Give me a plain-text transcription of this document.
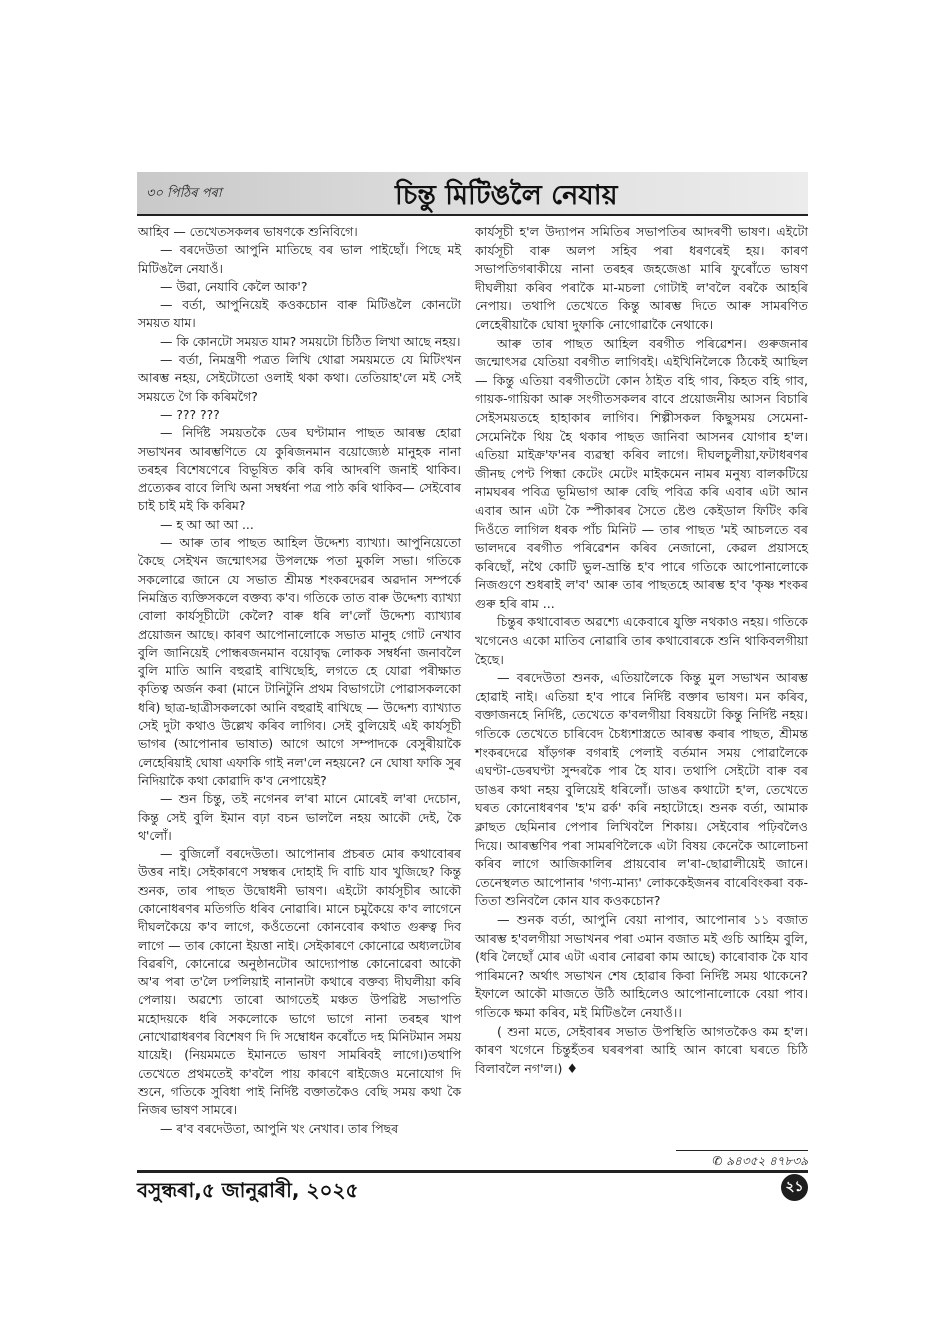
৩০ পিঠিৰ পৰা	চিন্তু মিটিঙলৈ নেযায়

আহিব — তেখেতসকলৰ ভাষণকে শুনিবিগে।

— বৰদেউতা আপুনি মাতিছে বৰ ভাল পাইছোঁ। পিছে মই মিটিঙলৈ নেযাওঁ।

— উৱা, নেযাবি কেলৈ আক'?

— বৰ্তা, আপুনিয়েই কওকচোন বাৰু মিটিঙলৈ কোনটো সময়ত যাম।

— কি কোনটো সময়ত যাম? সময়টো চিঠিত লিখা আছে নহয়।

— বৰ্তা, নিমন্ত্ৰণী পত্ৰত লিখি থোৱা সময়মতে যে মিটিংখন আৰম্ভ নহয়, সেইটোতো ওলাই থকা কথা। তেতিয়াহ'লে মই সেই সময়তে গৈ কি কৰিমগৈ?

— ??? ???

— নিৰ্দিষ্ট সময়তকৈ ডেৰ ঘণ্টামান পাছত আৰম্ভ হোৱা সভাখনৰ আৰম্ভণিতে যে কুৰিজনমান বয়োজ্যেষ্ঠ মানুহক নানা তৰহৰ বিশেষণেৰে বিভূষিত কৰি কৰি আদৰণি জনাই থাকিব। প্ৰত্যেকৰ বাবে লিখি অনা সম্বৰ্ধনা পত্ৰ পাঠ কৰি থাকিব— সেইবোৰ চাই চাই মই কি কৰিম?

— হ আ আ আ ...

— আৰু তাৰ পাছত আহিল উদ্দেশ্য ব্যাখ্যা। আপুনিয়েতো কৈছে সেইখন জন্মোৎসৱ উপলক্ষে পতা মুকলি সভা। গতিকে সকলোৱে জানে যে সভাত শ্ৰীমন্ত শংকৰদেৱৰ অৱদান সম্পৰ্কে নিমন্ত্ৰিত ব্যক্তিসকলে বক্তব্য ক'ব। গতিকে তাত বাৰু উদ্দেশ্য ব্যাখ্যা বোলা কাৰ্যসূচীটো কেলৈ? বাৰু ধৰি ল'লোঁ উদ্দেশ্য ব্যাখ্যাৰ প্ৰয়োজন আছে। কাৰণ আপোনালোকে সভাত মানুহ গোট নেখাব বুলি জানিয়েই পোন্ধৰজনমান বয়োবৃদ্ধ লোকক সম্বৰ্ধনা জনাবলৈ বুলি মাতি আনি বহুৱাই ৰাখিছেহি, লগতে হে যোৱা পৰীক্ষাত কৃতিত্ব অৰ্জন কৰা (মানে টানিটুনি প্ৰথম বিভাগটো পোৱাসকলকো ধৰি) ছাত্ৰ-ছাত্ৰীসকলকো আনি বহুৱাই ৰাখিছে — উদ্দেশ্য ব্যাখ্যাত সেই দুটা কথাও উল্লেখ কৰিব লাগিব। সেই বুলিয়েই এই কাৰ্যসূচী ভাগৰ (আপোনাৰ ভাষাত) আগে আগে সম্পাদকে বেসুৰীয়াকৈ লেহেৰিয়াই ঘোষা এফাকি গাই নল'লে নহয়নে? নে ঘোষা ফাকি সুৰ নিদিয়াকৈ কথা কোৱাদি ক'ব নেপায়েই?

— শুন চিন্তু, তই নগেনৰ ল'ৰা মানে মোৰেই ল'ৰা দেচোন, কিন্তু সেই বুলি ইমান বঢ়া বচন ভাললৈ নহয় আকৌ দেই, কৈ থ'লোঁ।

— বুজিলোঁ বৰদেউতা। আপোনাৰ প্ৰচৰত মোৰ কথাবোৰৰ উত্তৰ নাই। সেইকাৰণে সম্বন্ধৰ দোহাই দি বাচি যাব খুজিছে? কিন্তু শুনক, তাৰ পাছত উদ্বোধনী ভাষণ। এইটো কাৰ্যসূচীৰ আকৌ কোনোধৰণৰ মতিগতি ধৰিব নোৱাৰি। মানে চমুকৈয়ে ক'ব লাগেনে দীঘলকৈয়ে ক'ব লাগে, কওঁতেনো কোনবোৰ কথাত গুৰুত্ব দিব লাগে — তাৰ কোনো ইয়ত্তা নাই। সেইকাৰণে কোনোৱে অধ্যলটোৰ বিৱৰণি, কোনোৱে অনুষ্ঠানটোৰ আদ্যোপান্ত কোনোৱেবা আকৌ অ'ৰ পৰা ত'লৈ ঢপলিয়াই নানানটা কথাৰে বক্তব্য দীঘলীয়া কৰি পেলায়। অৱশ্যে তাৰো আগতেই মঞ্চত উপৱিষ্ট সভাপতি মহোদয়কে ধৰি সকলোকে ভাগে ভাগে নানা তৰহৰ খাপ নোখোৱাধৰণৰ বিশেষণ দি দি সম্বোধন কৰোঁতে দহ মিনিটমান সময় যায়েই। (নিয়মমতে ইমানতে ভাষণ সামৰিবই লাগে।)তথাপি তেখেতে প্ৰথমতেই ক'বলৈ পায় কাৰণে ৰাইজেও মনোযোগ দি শুনে, গতিকে সুবিধা পাই নিৰ্দিষ্ট বক্তাতকৈও বেছি সময় কথা কৈ নিজৰ ভাষণ সামৰে।

— ৰ'ব বৰদেউতা, আপুনি খং নেখাব। তাৰ পিছৰ

কাৰ্যসূচী হ'ল উদ্যাপন সমিতিৰ সভাপতিৰ আদৰণী ভাষণ। এইটো কাৰ্যসূচী বাৰু অলপ সহিব পৰা ধৰণৰেই হয়। কাৰণ সভাপতিগৰাকীয়ে নানা তৰহৰ জহজেঙা মাৰি ফুৰোঁতে ভাষণ দীঘলীয়া কৰিব পৰাকৈ মা-মচলা গোটাই ল'বলৈ বৰকৈ আহৰি নেপায়। তথাপি তেখেতে কিন্তু আৰম্ভ দিতে আৰু সামৰণিত লেহেৰীয়াকৈ ঘোষা দুফাকি নোগোৱাকৈ নেথাকে।

আৰু তাৰ পাছত আহিল বৰগীত পৰিৱেশন। গুৰুজনাৰ জন্মোৎসৱ যেতিয়া বৰগীত লাগিবই। এইখিনিলৈকে ঠিকেই আছিল— কিন্তু এতিয়া বৰগীতটো কোন ঠাইত বহি গাব, কিহত বহি গাব, গায়ক-গায়িকা আৰু সংগীতসকলৰ বাবে প্ৰয়োজনীয় আসন বিচাৰি সেইসময়তহে হাহাকাৰ লাগিব। শিল্পীসকল কিছুসময় সেমেনা-সেমেনিকৈ থিয় হৈ থকাৰ পাছত জানিবা আসনৰ যোগাৰ হ'ল। এতিয়া মাইক্ৰ'ফ'নৰ ব্যৱস্থা কৰিব লাগে। দীঘলচুলীয়া,ফটাধৰণৰ জীনছ পেণ্ট পিন্ধা কেটেং মেটেং মাইকমেন নামৰ মনুষ্য বালকটিয়ে নামঘৰৰ পবিত্ৰ ভূমিভাগ আৰু বেছি পবিত্ৰ কৰি এবাৰ এটা আন এবাৰ আন এটা কৈ স্পীকাৰৰ সৈতে ষ্টেণ্ড কেইডাল ফিটিং কৰি দিওঁতে লাগিল ধৰক পাঁচ মিনিট — তাৰ পাছত 'মই আচলতে বৰ ভালদৰে বৰগীত পৰিৱেশন কৰিব নেজানো, কেৱল প্ৰয়াসহে কৰিছোঁ, নথৈ কোটি ভুল-ভ্ৰান্তি হ'ব পাৰে গতিকে আপোনালোকে নিজগুণে শুধৰাই ল'ব' আৰু তাৰ পাছতহে আৰম্ভ হ'ব 'কৃষ্ণ শংকৰ গুৰু হৰি ৰাম ...

চিন্তুৰ কথাবোৰত অৱশ্যে একেবাৰে যুক্তি নথকাও নহয়। গতিকে খগেনেও একো মাতিব নোৱাৰি তাৰ কথাবোৰকে শুনি থাকিবলগীয়া হৈছে।

— বৰদেউতা শুনক, এতিয়ালৈকে কিন্তু মুল সভাখন আৰম্ভ হোৱাই নাই। এতিয়া হ'ব পাৰে নিৰ্দিষ্ট বক্তাৰ ভাষণ। মন কৰিব, বক্তাজনহে নিৰ্দিষ্ট, তেখেতে ক'বলগীয়া বিষয়টো কিন্তু নিৰ্দিষ্ট নহয়। গতিকে তেখেতে চাৰিবেদ চৈধ্যশাস্ত্ৰতে আৰম্ভ কৰাৰ পাছত, শ্ৰীমন্ত শংকৰদেৱে ষাঁড়গৰু বগৰাই পেলাই বৰ্তমান সময় পোৱালৈকে এঘণ্টা-ডেৰঘণ্টা সুন্দৰকৈ পাৰ হৈ যাব। তথাপি সেইটো বাৰু বৰ ডাঙৰ কথা নহয় বুলিয়েই ধৰিলোঁ। ডাঙৰ কথাটো হ'ল, তেখেতে ঘৰত কোনোধৰণৰ 'হ'ম ৱৰ্ক' কৰি নহাটোহে। শুনক বৰ্তা, আমাক ক্লাছত ছেমিনাৰ পেপাৰ লিখিবলৈ শিকায়। সেইবোৰ পঢ়িবলৈও দিয়ে। আৰম্ভণিৰ পৰা সামৰণিলৈকে এটা বিষয় কেনেকৈ আলোচনা কৰিব লাগে আজিকালিৰ প্ৰায়বোৰ ল'ৰা-ছোৱালীয়েই জানে। তেনেস্থলত আপোনাৰ 'গণ্য-মান্য' লোককেইজনৰ বাৰেবিংকৰা বক-তিতা শুনিবলৈ কোন যাব কওকচোন?

— শুনক বৰ্তা, আপুনি বেয়া নাপাব, আপোনাৰ ১১ বজাত আৰম্ভ হ'বলগীয়া সভাখনৰ পৰা ৩মান বজাত মই গুচি আহিম বুলি, (ধৰি লৈছোঁ মোৰ এটা এবাৰ নোৱৰা কাম আছে) কাৰোবাক কৈ যাব পাৰিমনে? অৰ্থাৎ সভাখন শেষ হোৱাৰ কিবা নিৰ্দিষ্ট সময় থাকেনে? ইফালে আকৌ মাজতে উঠি আহিলেও আপোনালোকে বেয়া পাব। গতিকে ক্ষমা কৰিব, মই মিটিঙলৈ নেযাওঁ।।

( শুনা মতে, সেইবাৰৰ সভাত উপস্থিতি আগতকৈও কম হ'ল। কাৰণ খগেনে চিন্তুহঁতৰ ঘৰৰপৰা আহি আন কাৰো ঘৰতে চিঠি বিলাবলৈ নগ'ল।) ♦

✆ ৯৪৩৫২ ৪৭৮৩৯
বসুন্ধৰা,৫ জানুৱাৰী, ২০২৫	২১
